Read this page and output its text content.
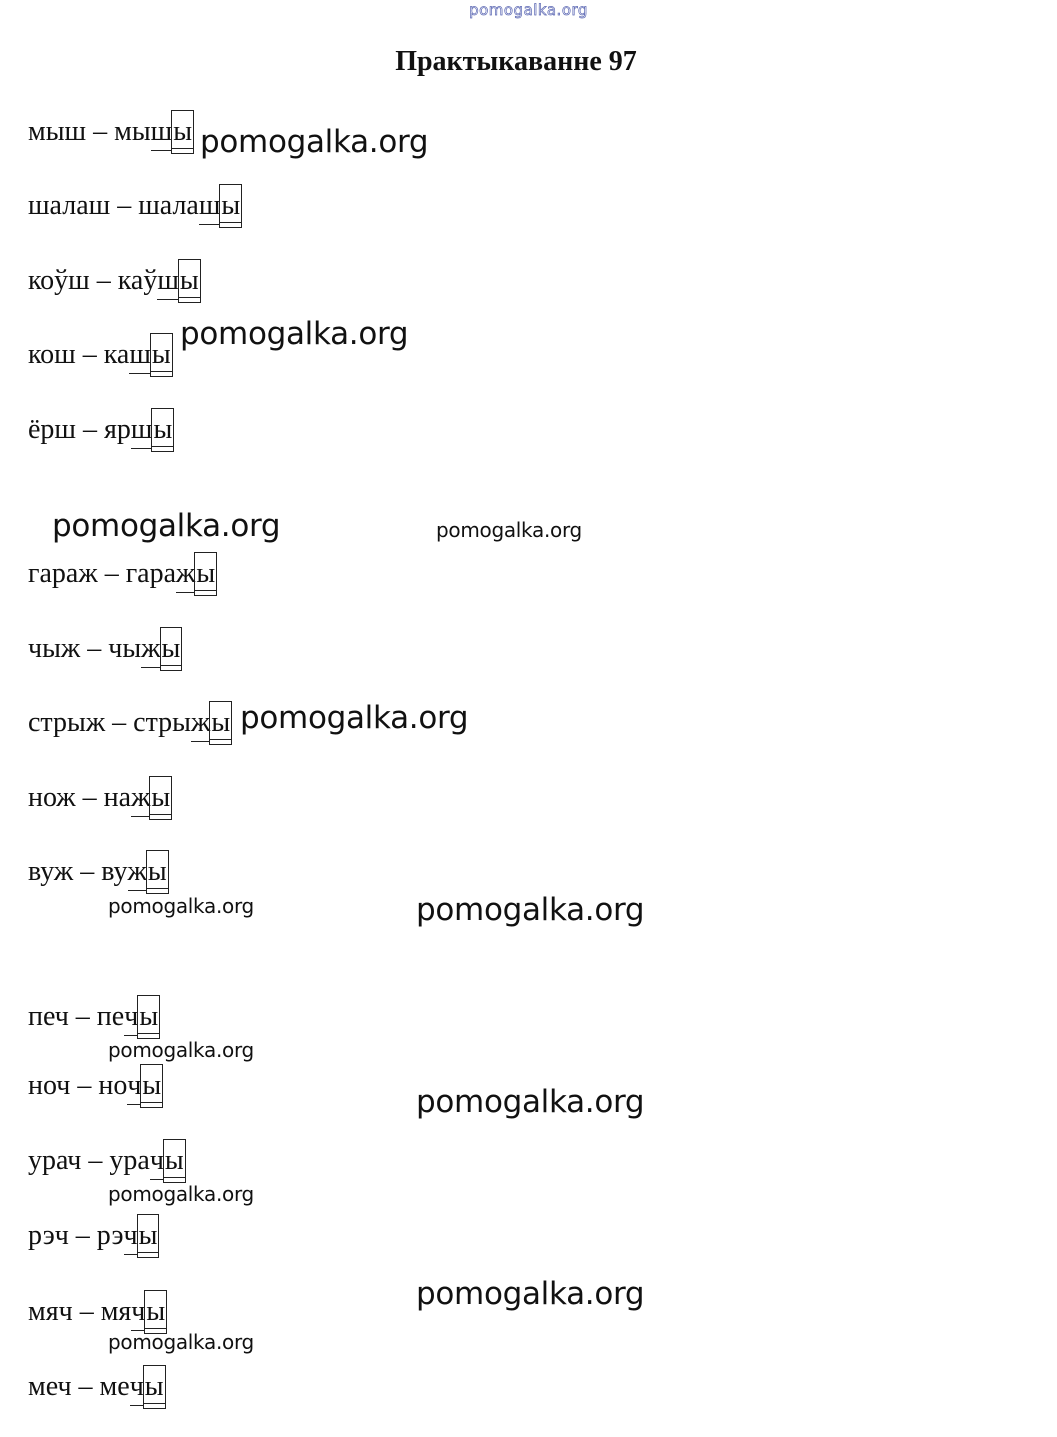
pomogalka.org
Практыкаванне 97
мыш – мыш
ы
шалаш – шалаш
ы
коўш – каўш
ы
кош – каш
ы
ёрш – ярш
ы
гараж – гараж
ы
чыж – чыж
ы
стрыж – стрыж
ы
нож – наж
ы
вуж – вуж
ы
печ – печ
ы
ноч – ноч
ы
урач – урач
ы
рэч – рэч
ы
мяч – мяч
ы
меч – меч
ы
pomogalka.org
pomogalka.org
pomogalka.org	pomogalka.org
pomogalka.org
pomogalka.org	pomogalka.org
pomogalka.org
pomogalka.org
pomogalka.org
pomogalka.org
pomogalka.org
